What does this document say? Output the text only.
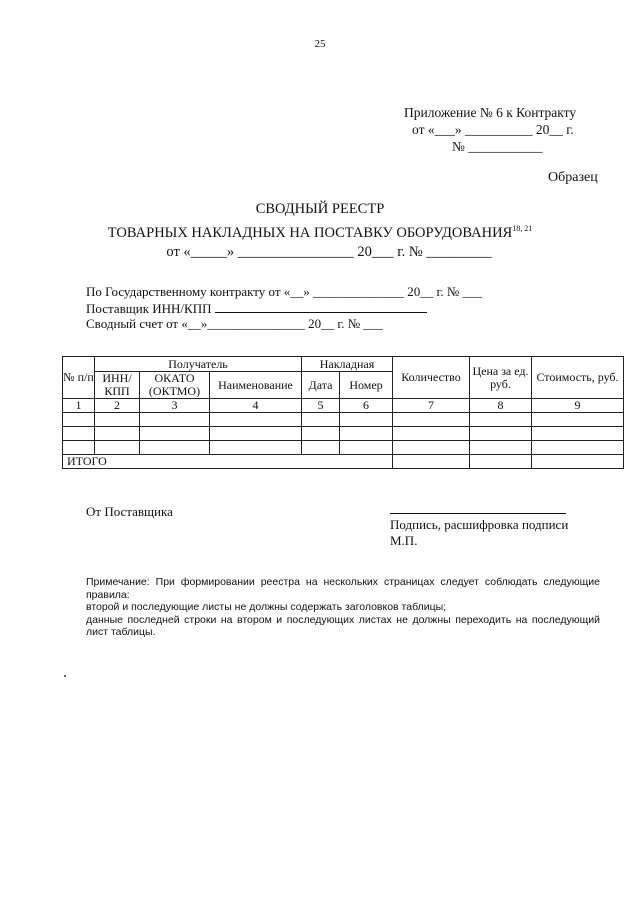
25
Приложение № 6 к Контракту
от «___» __________ 20__ г.
№ ___________
Образец
СВОДНЫЙ РЕЕСТР
ТОВАРНЫХ НАКЛАДНЫХ НА ПОСТАВКУ ОБОРУДОВАНИЯ$^{18, 21}$
от «_____» ________________ 20___ г. № _________
По Государственному контракту от «__» ______________ 20__ г. № ___
Поставщик ИНН/КПП
Сводный счет от «__»_______________ 20__ г. № ___
№ п/п	Получатель			Накладная		Количество	Цена за ед. руб.	Стоимость, руб.
	ИНН/ КПП	ОКАТО (ОКТМО)	Наименование	Дата	Номер			
1	2	3	4	5	6	7	8	9

ИТОГО								
От Поставщика
Подпись, расшифровка подписи
М.П.
Примечание: При формировании реестра на нескольких страницах следует соблюдать следующие правила:
второй и последующие листы не должны содержать заголовков таблицы;
данные последней строки на втором и последующих листах не должны переходить на последующий лист таблицы.
